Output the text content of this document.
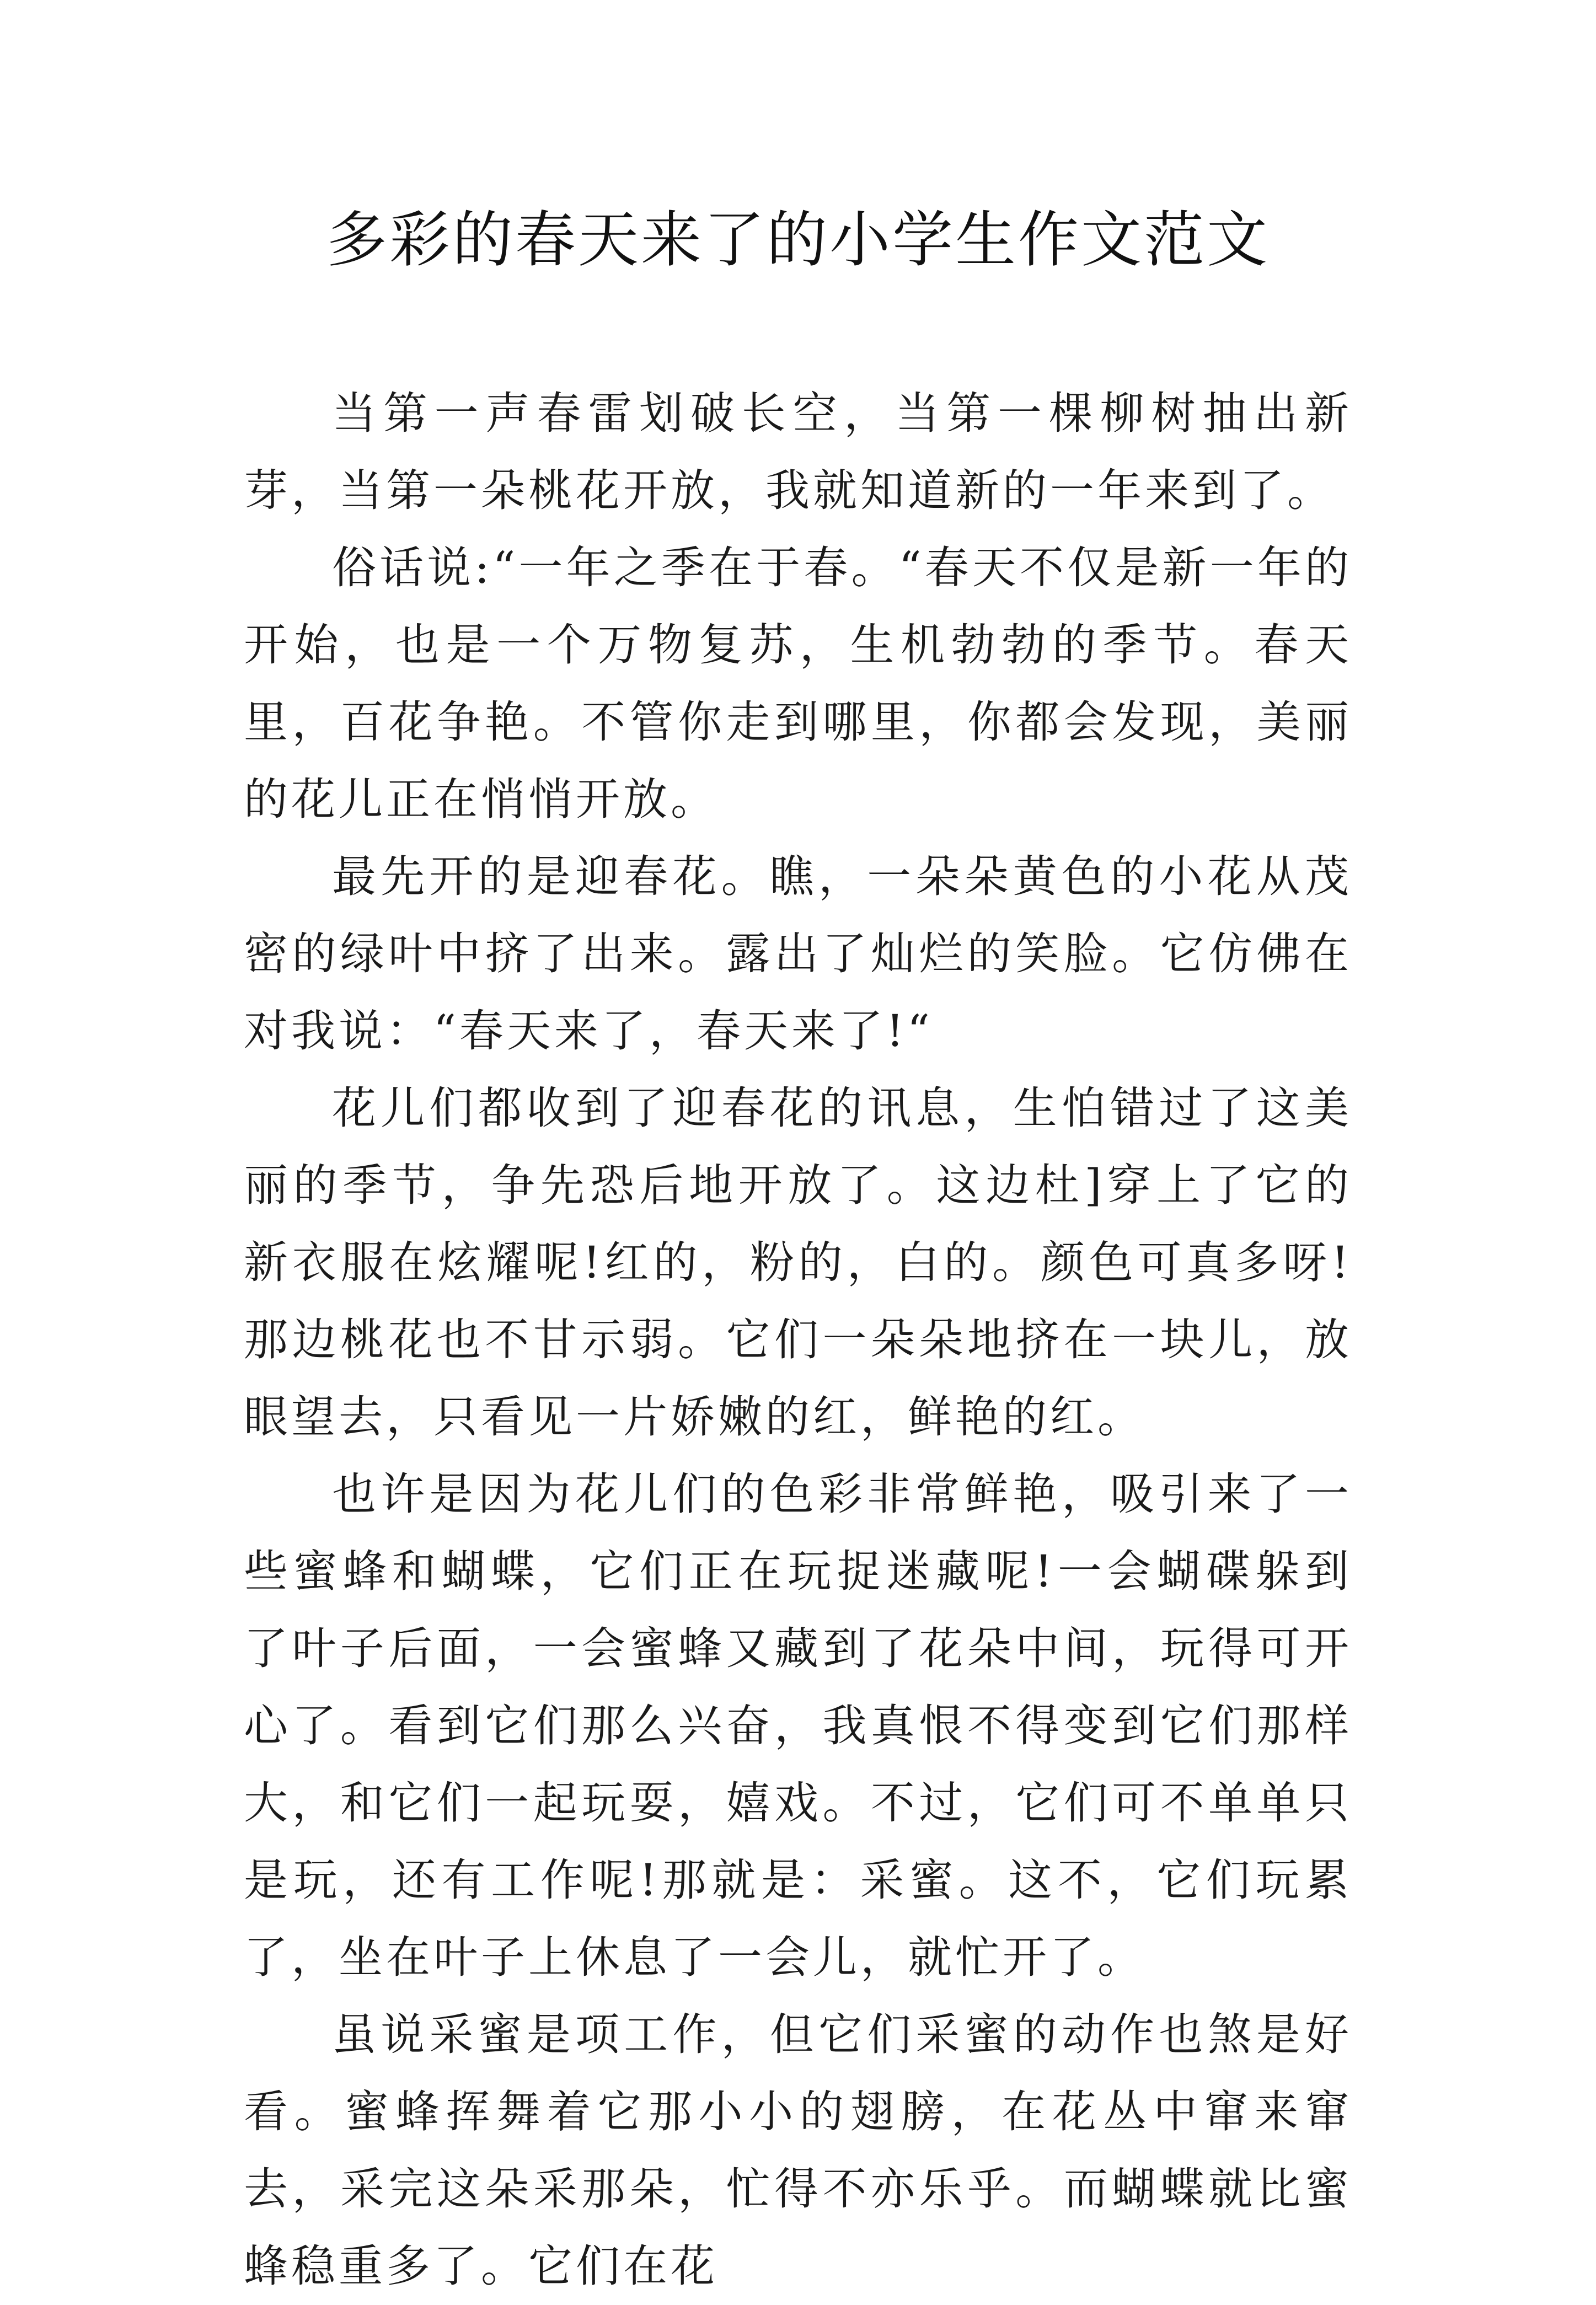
多彩的春天来了的小学生作文范文

当第一声春雷划破长空，当第一棵柳树抽出新芽，当第一朵桃花开放，我就知道新的一年来到了。

俗话说:“一年之季在于春。“春天不仅是新一年的开始，也是一个万物复苏，生机勃勃的季节。春天里，百花争艳。不管你走到哪里，你都会发现，美丽的花儿正在悄悄开放。

最先开的是迎春花。瞧，一朵朵黄色的小花从茂密的绿叶中挤了出来。露出了灿烂的笑脸。它仿佛在对我说：“春天来了，春天来了!“

花儿们都收到了迎春花的讯息，生怕错过了这美丽的季节，争先恐后地开放了。这边杜]穿上了它的新衣服在炫耀呢!红的，粉的，白的。颜色可真多呀!那边桃花也不甘示弱。它们一朵朵地挤在一块儿，放眼望去，只看见一片娇嫩的红，鲜艳的红。

也许是因为花儿们的色彩非常鲜艳，吸引来了一些蜜蜂和蝴蝶，它们正在玩捉迷藏呢!一会蝴碟躲到了叶子后面，一会蜜蜂又藏到了花朵中间，玩得可开心了。看到它们那么兴奋，我真恨不得变到它们那样大，和它们一起玩耍，嬉戏。不过，它们可不单单只是玩，还有工作呢!那就是：采蜜。这不，它们玩累了，坐在叶子上休息了一会儿，就忙开了。

虽说采蜜是项工作，但它们采蜜的动作也煞是好看。蜜蜂挥舞着它那小小的翅膀，在花丛中窜来窜去，采完这朵采那朵，忙得不亦乐乎。而蝴蝶就比蜜蜂稳重多了。它们在花
